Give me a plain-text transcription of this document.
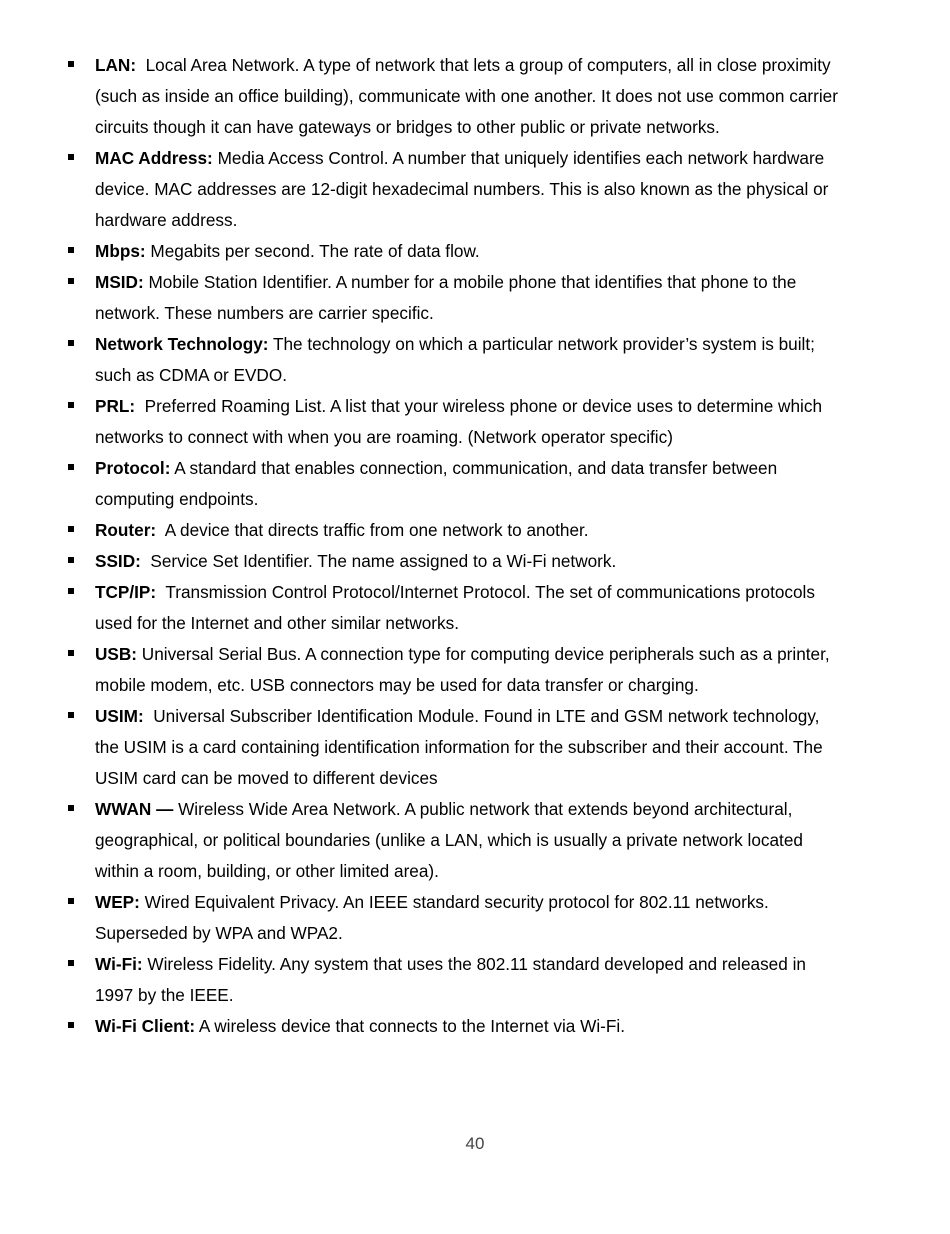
LAN: Local Area Network. A type of network that lets a group of computers, all in close proximity (such as inside an office building), communicate with one another. It does not use common carrier circuits though it can have gateways or bridges to other public or private networks.
MAC Address: Media Access Control. A number that uniquely identifies each network hardware device. MAC addresses are 12-digit hexadecimal numbers. This is also known as the physical or hardware address.
Mbps: Megabits per second. The rate of data flow.
MSID: Mobile Station Identifier. A number for a mobile phone that identifies that phone to the network. These numbers are carrier specific.
Network Technology: The technology on which a particular network provider’s system is built; such as CDMA or EVDO.
PRL: Preferred Roaming List. A list that your wireless phone or device uses to determine which networks to connect with when you are roaming. (Network operator specific)
Protocol: A standard that enables connection, communication, and data transfer between computing endpoints.
Router: A device that directs traffic from one network to another.
SSID: Service Set Identifier. The name assigned to a Wi-Fi network.
TCP/IP: Transmission Control Protocol/Internet Protocol. The set of communications protocols used for the Internet and other similar networks.
USB: Universal Serial Bus. A connection type for computing device peripherals such as a printer, mobile modem, etc. USB connectors may be used for data transfer or charging.
USIM: Universal Subscriber Identification Module. Found in LTE and GSM network technology, the USIM is a card containing identification information for the subscriber and their account. The USIM card can be moved to different devices
WWAN — Wireless Wide Area Network. A public network that extends beyond architectural, geographical, or political boundaries (unlike a LAN, which is usually a private network located within a room, building, or other limited area).
WEP: Wired Equivalent Privacy. An IEEE standard security protocol for 802.11 networks. Superseded by WPA and WPA2.
Wi-Fi: Wireless Fidelity. Any system that uses the 802.11 standard developed and released in 1997 by the IEEE.
Wi-Fi Client: A wireless device that connects to the Internet via Wi-Fi.
40
